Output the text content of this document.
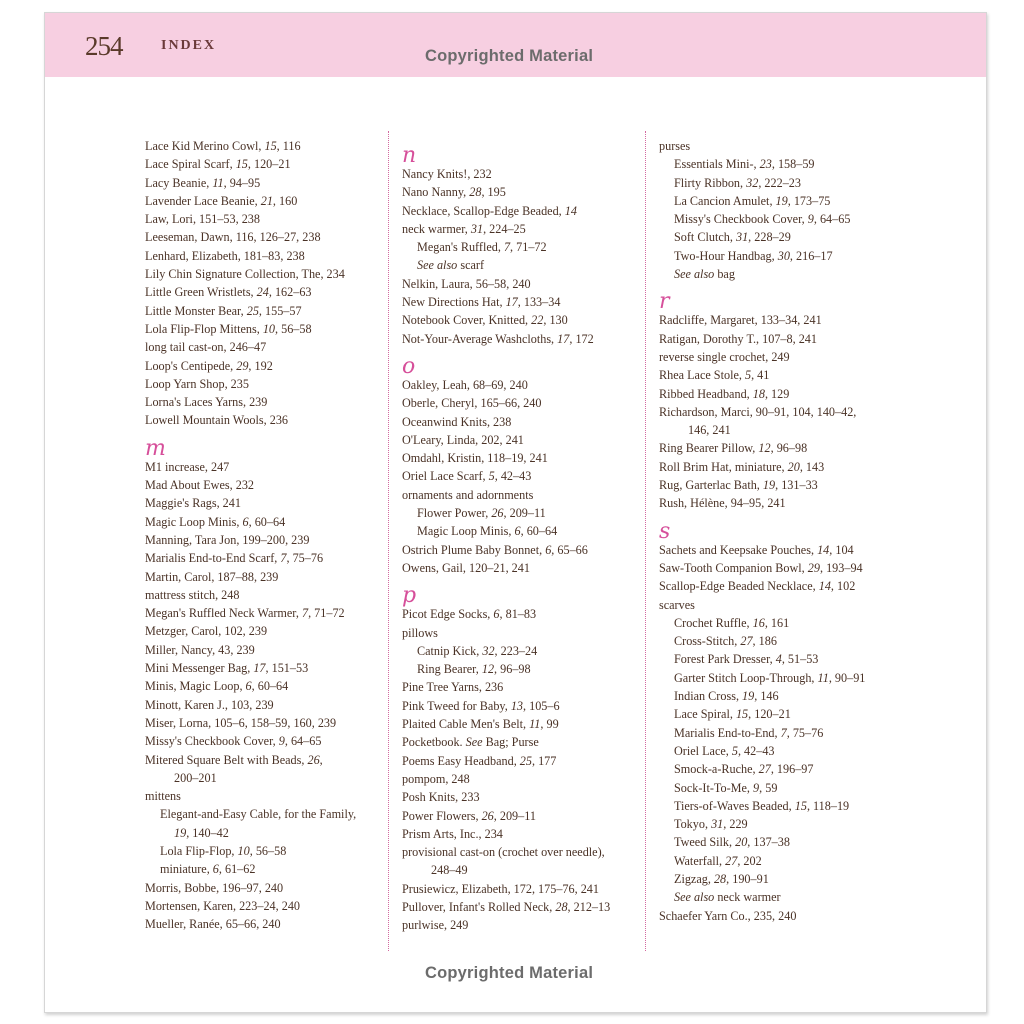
254	INDEX
Copyrighted Material
Lace Kid Merino Cowl, 15, 116
Lace Spiral Scarf, 15, 120–21
Lacy Beanie, 11, 94–95
Lavender Lace Beanie, 21, 160
Law, Lori, 151–53, 238
Leeseman, Dawn, 116, 126–27, 238
Lenhard, Elizabeth, 181–83, 238
Lily Chin Signature Collection, The, 234
Little Green Wristlets, 24, 162–63
Little Monster Bear, 25, 155–57
Lola Flip-Flop Mittens, 10, 56–58
long tail cast-on, 246–47
Loop's Centipede, 29, 192
Loop Yarn Shop, 235
Lorna's Laces Yarns, 239
Lowell Mountain Wools, 236
m
M1 increase, 247
Mad About Ewes, 232
Maggie's Rags, 241
Magic Loop Minis, 6, 60–64
Manning, Tara Jon, 199–200, 239
Marialis End-to-End Scarf, 7, 75–76
Martin, Carol, 187–88, 239
mattress stitch, 248
Megan's Ruffled Neck Warmer, 7, 71–72
Metzger, Carol, 102, 239
Miller, Nancy, 43, 239
Mini Messenger Bag, 17, 151–53
Minis, Magic Loop, 6, 60–64
Minott, Karen J., 103, 239
Miser, Lorna, 105–6, 158–59, 160, 239
Missy's Checkbook Cover, 9, 64–65
Mitered Square Belt with Beads, 26,
200–201
mittens
Elegant-and-Easy Cable, for the Family,
19, 140–42
Lola Flip-Flop, 10, 56–58
miniature, 6, 61–62
Morris, Bobbe, 196–97, 240
Mortensen, Karen, 223–24, 240
Mueller, Ranée, 65–66, 240
n
Nancy Knits!, 232
Nano Nanny, 28, 195
Necklace, Scallop-Edge Beaded, 14
neck warmer, 31, 224–25
Megan's Ruffled, 7, 71–72
See also scarf
Nelkin, Laura, 56–58, 240
New Directions Hat, 17, 133–34
Notebook Cover, Knitted, 22, 130
Not-Your-Average Washcloths, 17, 172
o
Oakley, Leah, 68–69, 240
Oberle, Cheryl, 165–66, 240
Oceanwind Knits, 238
O'Leary, Linda, 202, 241
Omdahl, Kristin, 118–19, 241
Oriel Lace Scarf, 5, 42–43
ornaments and adornments
Flower Power, 26, 209–11
Magic Loop Minis, 6, 60–64
Ostrich Plume Baby Bonnet, 6, 65–66
Owens, Gail, 120–21, 241
p
Picot Edge Socks, 6, 81–83
pillows
Catnip Kick, 32, 223–24
Ring Bearer, 12, 96–98
Pine Tree Yarns, 236
Pink Tweed for Baby, 13, 105–6
Plaited Cable Men's Belt, 11, 99
Pocketbook. See Bag; Purse
Poems Easy Headband, 25, 177
pompom, 248
Posh Knits, 233
Power Flowers, 26, 209–11
Prism Arts, Inc., 234
provisional cast-on (crochet over needle),
248–49
Prusiewicz, Elizabeth, 172, 175–76, 241
Pullover, Infant's Rolled Neck, 28, 212–13
purlwise, 249
purses
Essentials Mini-, 23, 158–59
Flirty Ribbon, 32, 222–23
La Cancion Amulet, 19, 173–75
Missy's Checkbook Cover, 9, 64–65
Soft Clutch, 31, 228–29
Two-Hour Handbag, 30, 216–17
See also bag
r
Radcliffe, Margaret, 133–34, 241
Ratigan, Dorothy T., 107–8, 241
reverse single crochet, 249
Rhea Lace Stole, 5, 41
Ribbed Headband, 18, 129
Richardson, Marci, 90–91, 104, 140–42,
146, 241
Ring Bearer Pillow, 12, 96–98
Roll Brim Hat, miniature, 20, 143
Rug, Garterlac Bath, 19, 131–33
Rush, Hélène, 94–95, 241
s
Sachets and Keepsake Pouches, 14, 104
Saw-Tooth Companion Bowl, 29, 193–94
Scallop-Edge Beaded Necklace, 14, 102
scarves
Crochet Ruffle, 16, 161
Cross-Stitch, 27, 186
Forest Park Dresser, 4, 51–53
Garter Stitch Loop-Through, 11, 90–91
Indian Cross, 19, 146
Lace Spiral, 15, 120–21
Marialis End-to-End, 7, 75–76
Oriel Lace, 5, 42–43
Smock-a-Ruche, 27, 196–97
Sock-It-To-Me, 9, 59
Tiers-of-Waves Beaded, 15, 118–19
Tokyo, 31, 229
Tweed Silk, 20, 137–38
Waterfall, 27, 202
Zigzag, 28, 190–91
See also neck warmer
Schaefer Yarn Co., 235, 240
Copyrighted Material
